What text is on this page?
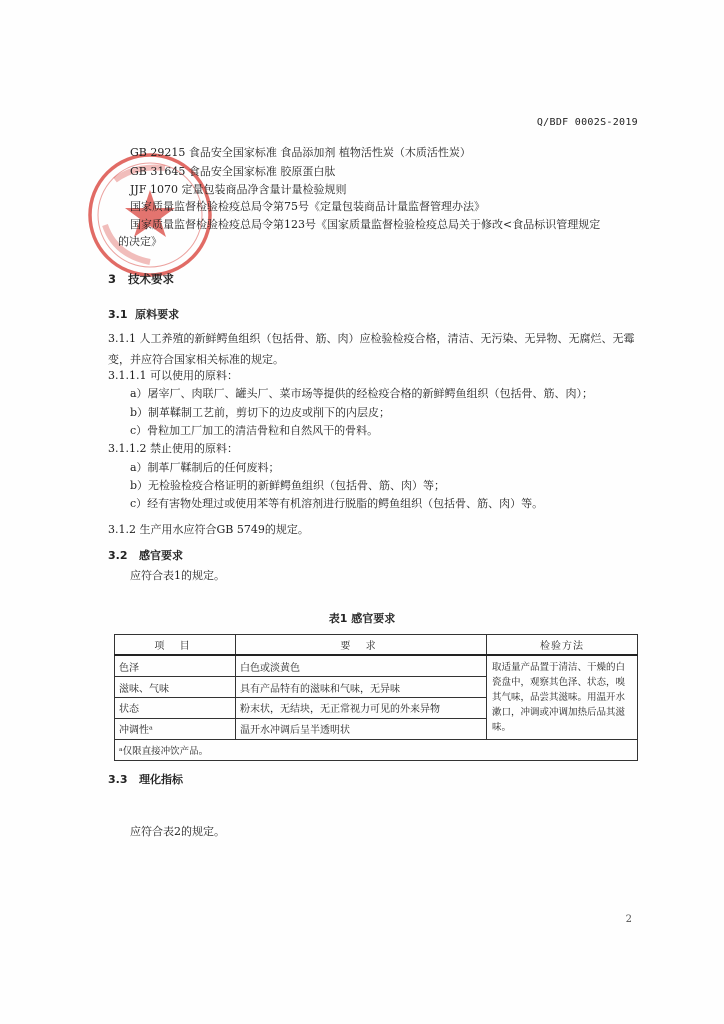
Q/BDF 0002S-2019
GB 29215 食品安全国家标准 食品添加剂 植物活性炭（木质活性炭）
GB 31645 食品安全国家标准 胶原蛋白肽
JJF 1070 定量包装商品净含量计量检验规则
国家质量监督检验检疫总局令第75号《定量包装商品计量监督管理办法》
国家质量监督检验检疫总局令第123号《国家质量监督检验检疫总局关于修改<食品标识管理规定
的决定》
3 技术要求
3.1 原料要求
3.1.1 人工养殖的新鲜鳄鱼组织（包括骨、筋、肉）应检验检疫合格，清洁、无污染、无异物、无腐烂、无霉变，并应符合国家相关标准的规定。
3.1.1.1 可以使用的原料：
a）屠宰厂、肉联厂、罐头厂、菜市场等提供的经检疫合格的新鲜鳄鱼组织（包括骨、筋、肉）；
b）制革鞣制工艺前，剪切下的边皮或削下的内层皮；
c）骨粒加工厂加工的清洁骨粒和自然风干的骨料。
3.1.1.2 禁止使用的原料：
a）制革厂鞣制后的任何废料；
b）无检验检疫合格证明的新鲜鳄鱼组织（包括骨、筋、肉）等；
c）经有害物处理过或使用苯等有机溶剂进行脱脂的鳄鱼组织（包括骨、筋、肉）等。
3.1.2 生产用水应符合GB 5749的规定。
3.2 感官要求
应符合表1的规定。
表1 感官要求
项 目	要 求	检验方法
色泽	白色或淡黄色	取适量产品置于清洁、干燥的白瓷盘中，观察其色泽、状态，嗅其气味，品尝其滋味。用温开水漱口，冲调或冲调加热后品其滋味。
滋味、气味	具有产品特有的滋味和气味，无异味	
状态	粉末状，无结块，无正常视力可见的外来异物	
冲调性ᵃ	温开水冲调后呈半透明状	
ᵃ仅限直接冲饮产品。		
3.3 理化指标
应符合表2的规定。
2
